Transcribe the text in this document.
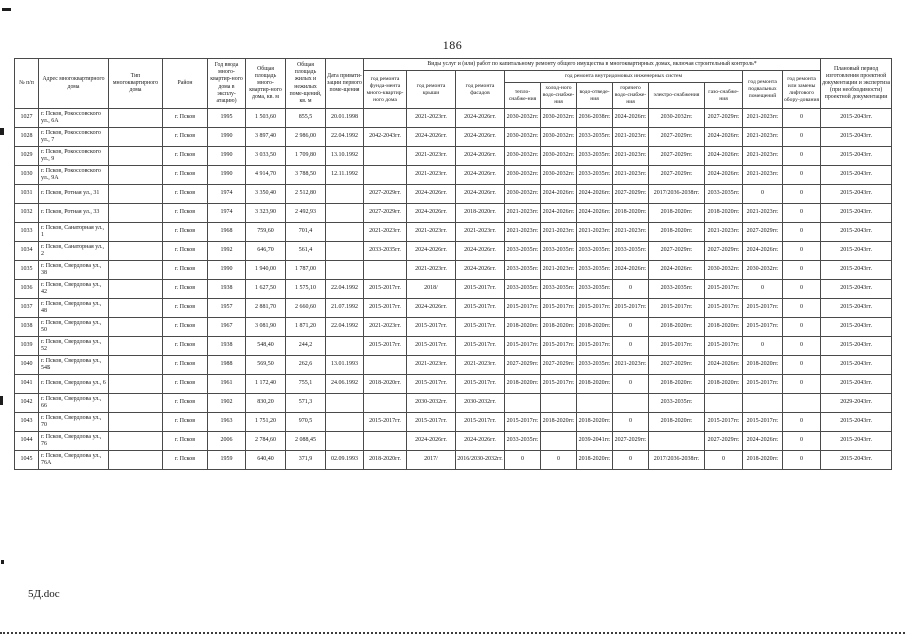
186
№ п/п	Адрес многоквартирного дома	Тип многоквартирного дома	Район	Год ввода много-квартир-ного дома в эксплу-атацию)	Общая площадь много-квартир-ного дома, кв. м	Общая площадь жилых и нежилых поме-щений, кв. м	Дата привати-зации первого поме-щения	Виды услуг и (или) работ по капитальному ремонту общего имущества в многоквартирных домах, включая строительный контроль*											Плановый период изготовления проектной документации и экспертиза (при необходимости) проектной документации
								год ремонта фунда-мента много-квартир-ного дома	год ремонта крыши	год ремонта фасадов	год ремонта внутридомовых инженерных систем						год ремонта подвальных помещений	год ремонта или замены лифтового обору-дования	
											тепло-снабже-ния	холод-ного водо-снабже-ния	водо-отведе-ния	горячего водо-снабже-ния	электро-снабжения	газо-снабже-ния			
1027	г. Псков, Рокоссовского ул., 6А		г. Псков	1995	1 503,60	855,5	20.01.1998		2021-2023гг.	2024-2026гг.	2030-2032гг.	2030-2032гг.	2036-2038гг.	2024-2026гг.	2030-2032гг.	2027-2029гг.	2021-2023гг.	0	2015-2043гг.
1028	г. Псков, Рокоссовского ул., 7		г. Псков	1990	3 897,40	2 986,00	22.04.1992	2042-2043гг.	2024-2026гг.	2024-2026гг.	2030-2032гг.	2030-2032гг.	2033-2035гг.	2021-2023гг.	2027-2029гг.	2024-2026гг.	2021-2023гг.	0	2015-2043гг.
1029	г. Псков, Рокоссовского ул., 9		г. Псков	1990	3 033,50	1 709,80	13.10.1992		2021-2023гг.	2024-2026гг.	2030-2032гг.	2030-2032гг.	2033-2035гг.	2021-2023гг.	2027-2029гг.	2024-2026гг.	2021-2023гг.	0	2015-2043гг.
1030	г. Псков, Рокоссовского ул., 9А		г. Псков	1990	4 914,70	3 788,50	12.11.1992		2021-2023гг.	2024-2026гг.	2030-2032гг.	2030-2032гг.	2033-2035гг.	2021-2023гг.	2027-2029гг.	2024-2026гг.	2021-2023гг.	0	2015-2043гг.
1031	г. Псков, Ротная ул., 31		г. Псков	1974	3 350,40	2 512,80		2027-2029гг.	2024-2026гг.	2024-2026гг.	2030-2032гг.	2024-2026гг.	2024-2026гг.	2027-2029гг.	2017/2036-2038гг.	2033-2035гг.	0	0	2015-2043гг.
1032	г. Псков, Ротная ул., 33		г. Псков	1974	3 323,90	2 492,93		2027-2029гг.	2024-2026гг.	2018-2020гг.	2021-2023гг.	2024-2026гг.	2024-2026гг.	2018-2020гг.	2018-2020гг.	2018-2020гг.	2021-2023гг.	0	2015-2043гг.
1033	г. Псков, Санаторная ул., 1		г. Псков	1968	759,60	701,4		2021-2023гг.	2021-2023гг.	2021-2023гг.	2021-2023гг.	2021-2023гг.	2021-2023гг.	2021-2023гг.	2018-2020гг.	2021-2023гг.	2027-2029гг.	0	2015-2043гг.
1034	г. Псков, Санаторная ул., 2		г. Псков	1992	646,70	561,4		2033-2035гг.	2024-2026гг.	2024-2026гг.	2033-2035гг.	2033-2035гг.	2033-2035гг.	2033-2035гг.	2027-2029гг.	2027-2029гг.	2024-2026гг.	0	2015-2043гг.
1035	г. Псков, Свердлова ул., 38		г. Псков	1990	1 940,00	1 787,00			2021-2023гг.	2024-2026гг.	2033-2035гг.	2021-2023гг.	2033-2035гг.	2024-2026гг.	2024-2026гг.	2030-2032гг.	2030-2032гг.	0	2015-2043гг.
1036	г. Псков, Свердлова ул., 42		г. Псков	1938	1 627,50	1 575,10	22.04.1992	2015-2017гг.	2018/	2015-2017гг.	2033-2035гг.	2033-2035гг.	2033-2035гг.	0	2033-2035гг.	2015-2017гг.	0	0	2015-2043гг.
1037	г. Псков, Свердлова ул., 48		г. Псков	1957	2 881,70	2 660,60	21.07.1992	2015-2017гг.	2024-2026гг.	2015-2017гг.	2015-2017гг.	2015-2017гг.	2015-2017гг.	2015-2017гг.	2015-2017гг.	2015-2017гг.	2015-2017гг.	0	2015-2043гг.
1038	г. Псков, Свердлова ул., 50		г. Псков	1967	3 081,90	1 871,20	22.04.1992	2021-2023гг.	2015-2017гг.	2015-2017гг.	2018-2020гг.	2018-2020гг.	2018-2020гг.	0	2018-2020гг.	2018-2020гг.	2015-2017гг.	0	2015-2043гг.
1039	г. Псков, Свердлова ул., 52		г. Псков	1938	548,40	244,2		2015-2017гг.	2015-2017гг.	2015-2017гг.	2015-2017гг.	2015-2017гг.	2015-2017гг.	0	2015-2017гг.	2015-2017гг.	0	0	2015-2043гг.
1040	г. Псков, Свердлова ул., 54Б		г. Псков	1988	569,50	262,6	13.01.1993		2021-2023гг.	2021-2023гг.	2027-2029гг.	2027-2029гг.	2033-2035гг.	2021-2023гг.	2027-2029гг.	2024-2026гг.	2018-2020гг.	0	2015-2043гг.
1041	г. Псков, Свердлова ул., 6		г. Псков	1961	1 172,40	755,1	24.06.1992	2018-2020гг.	2015-2017гг.	2015-2017гг.	2018-2020гг.	2015-2017гг.	2018-2020гг.	0	2018-2020гг.	2018-2020гг.	2015-2017гг.	0	2015-2043гг.
1042	г. Псков, Свердлова ул., 66		г. Псков	1902	830,20	571,3			2030-2032гг.	2030-2032гг.					2033-2035гг.				2029-2043гг.
1043	г. Псков, Свердлова ул., 70		г. Псков	1963	1 751,20	970,5		2015-2017гг.	2015-2017гг.	2015-2017гг.	2015-2017гг.	2018-2020гг.	2018-2020гг.	0	2018-2020гг.	2015-2017гг.	2015-2017гг.	0	2015-2043гг.
1044	г. Псков, Свердлова ул., 76		г. Псков	2006	2 784,60	2 088,45			2024-2026гг.	2024-2026гг.	2033-2035гг.		2039-2041гг.	2027-2029гг.		2027-2029гг.	2024-2026гг.	0	2015-2043гг.
1045	г. Псков, Свердлова ул., 76А		г. Псков	1959	640,40	371,9	02.09.1993	2018-2020гг.	2017/	2016/2030-2032гг.	0	0	2018-2020гг.	0	2017/2036-2038гг.	0	2018-2020гг.	0	2015-2043гг.
5Д.doc
